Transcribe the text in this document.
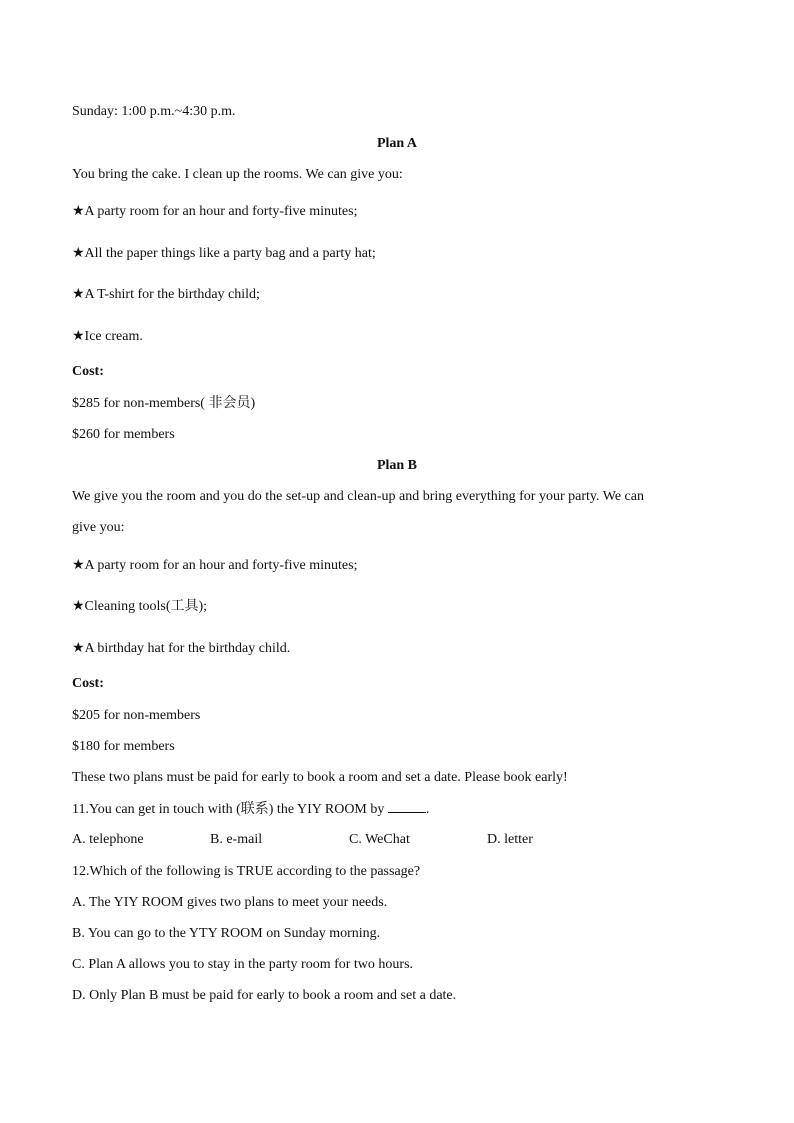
Sunday: 1:00 p.m.~4:30 p.m.
Plan A
You bring the cake. I clean up the rooms. We can give you:
★A party room for an hour and forty-five minutes;
★All the paper things like a party bag and a party hat;
★A T-shirt for the birthday child;
★Ice cream.
Cost:
$285 for non-members( 非会员)
$260 for members
Plan B
We give you the room and you do the set-up and clean-up and bring everything for your party. We can
give you:
★A party room for an hour and forty-five minutes;
★Cleaning tools(工具);
★A birthday hat for the birthday child.
Cost:
$205 for non-members
$180 for members
These two plans must be paid for early to book a room and set a date. Please book early!
11.You can get in touch with (联系) the YIY ROOM by	.
A. telephone	B. e-mail	C. WeChat	D. letter
12.Which of the following is TRUE according to the passage?
A. The YIY ROOM gives two plans to meet your needs.
B. You can go to the YTY ROOM on Sunday morning.
C. Plan A allows you to stay in the party room for two hours.
D. Only Plan B must be paid for early to book a room and set a date.
